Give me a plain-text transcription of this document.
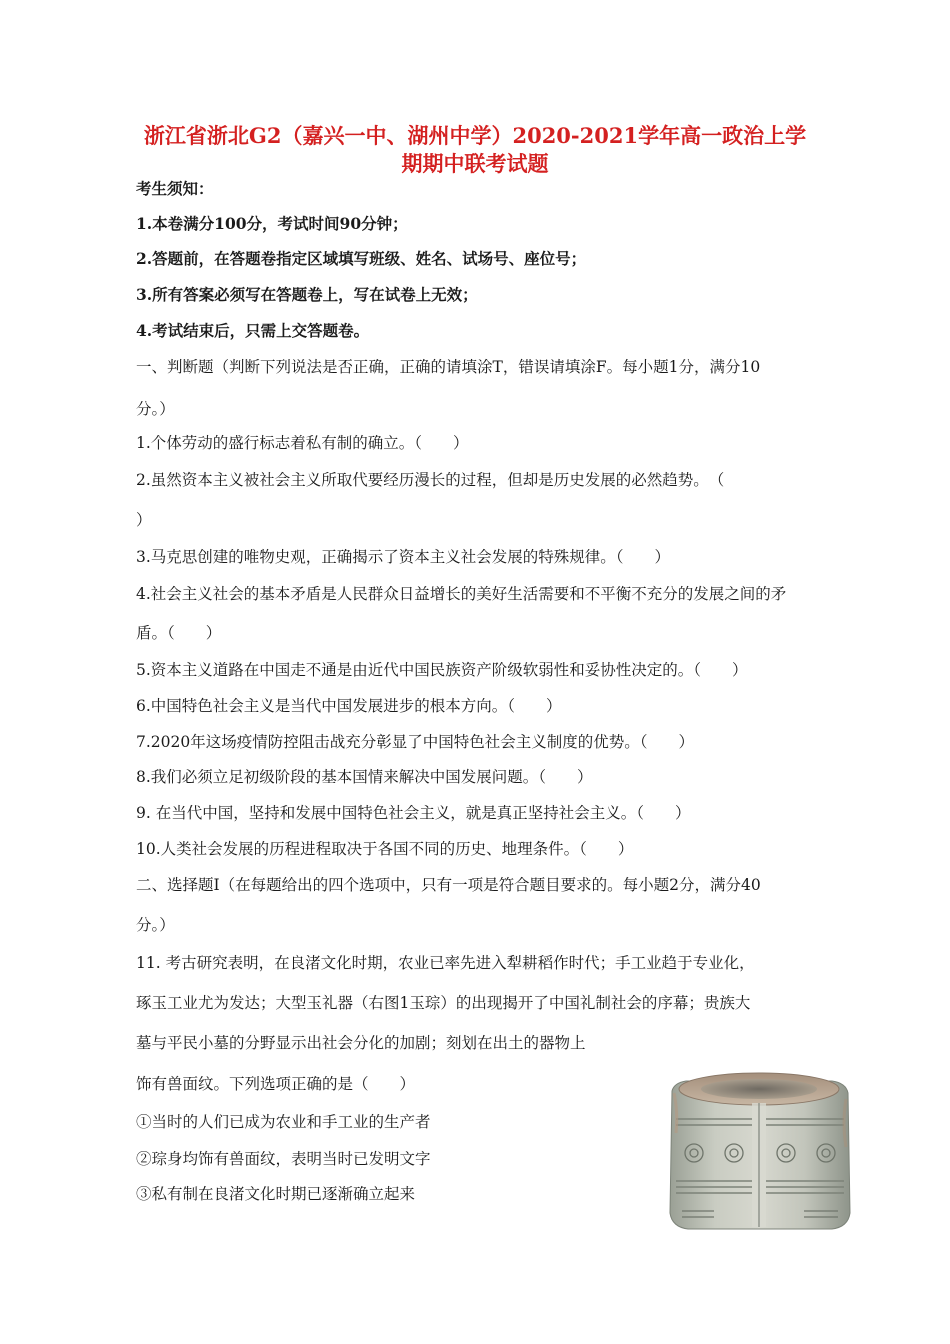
浙江省浙北G2（嘉兴一中、湖州中学）2020-2021学年高一政治上学
期期中联考试题
考生须知：
1.本卷满分100分，考试时间90分钟；
2.答题前，在答题卷指定区域填写班级、姓名、试场号、座位号；
3.所有答案必须写在答题卷上，写在试卷上无效；
4.考试结束后，只需上交答题卷。
一、判断题（判断下列说法是否正确，正确的请填涂T，错误请填涂F。每小题1分，满分10
分。）
1.个体劳动的盛行标志着私有制的确立。（　　）
2.虽然资本主义被社会主义所取代要经历漫长的过程，但却是历史发展的必然趋势。　（
）
3.马克思创建的唯物史观，正确揭示了资本主义社会发展的特殊规律。（　　）
4.社会主义社会的基本矛盾是人民群众日益增长的美好生活需要和不平衡不充分的发展之间的矛
盾。（　　）
5.资本主义道路在中国走不通是由近代中国民族资产阶级软弱性和妥协性决定的。（　　）
6.中国特色社会主义是当代中国发展进步的根本方向。（　　）
7.2020年这场疫情防控阻击战充分彰显了中国特色社会主义制度的优势。（　　）
8.我们必须立足初级阶段的基本国情来解决中国发展问题。（　　）
9. 在当代中国，坚持和发展中国特色社会主义，就是真正坚持社会主义。（　　）
10.人类社会发展的历程进程取决于各国不同的历史、地理条件。（　　）
二、选择题Ⅰ（在每题给出的四个选项中，只有一项是符合题目要求的。每小题2分，满分40
分。）
11. 考古研究表明，在良渚文化时期，农业已率先进入犁耕稻作时代；手工业趋于专业化，
琢玉工业尤为发达；大型玉礼器（右图1玉琮）的出现揭开了中国礼制社会的序幕；贵族大
墓与平民小墓的分野显示出社会分化的加剧；刻划在出土的器物上
饰有兽面纹。下列选项正确的是（　　）
①当时的人们已成为农业和手工业的生产者
②琮身均饰有兽面纹，表明当时已发明文字
③私有制在良渚文化时期已逐渐确立起来
